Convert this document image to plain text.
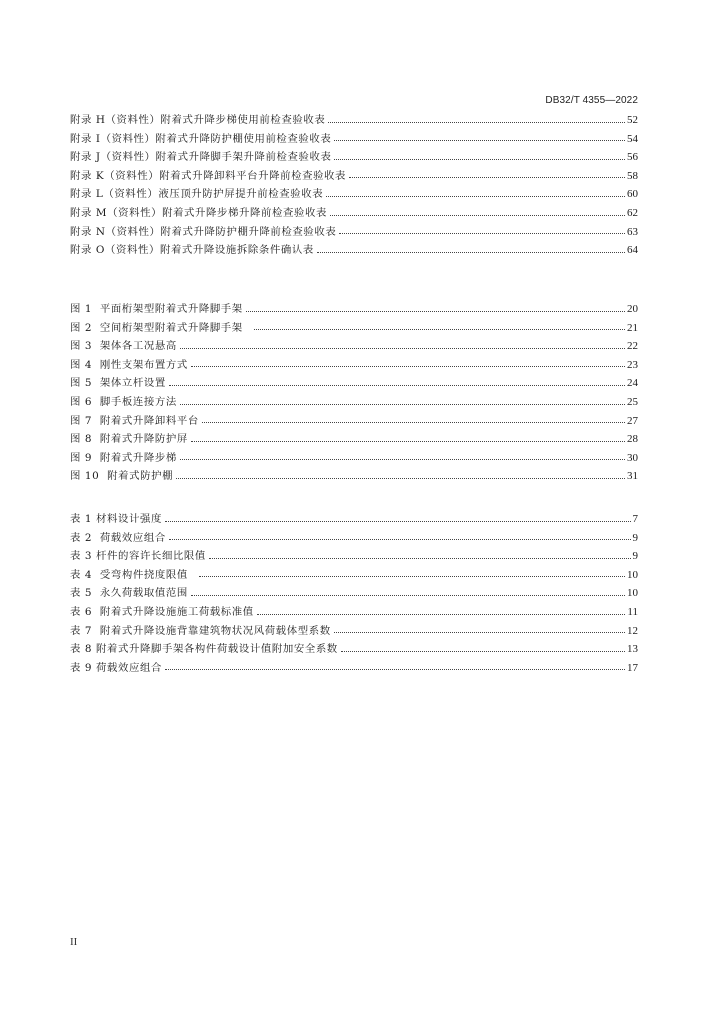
DB32/T 4355—2022
附录 H（资料性）附着式升降步梯使用前检查验收表	52
附录 I（资料性）附着式升降防护棚使用前检查验收表	54
附录 J（资料性）附着式升降脚手架升降前检查验收表	56
附录 K（资料性）附着式升降卸料平台升降前检查验收表	58
附录 L（资料性）液压顶升防护屏提升前检查验收表	60
附录 M（资料性）附着式升降步梯升降前检查验收表	62
附录 N（资料性）附着式升降防护棚升降前检查验收表	63
附录 O（资料性）附着式升降设施拆除条件确认表	64
图 1  平面桁架型附着式升降脚手架	20
图 2  空间桁架型附着式升降脚手架	21
图 3  架体各工况悬高	22
图 4  刚性支架布置方式	23
图 5  架体立杆设置	24
图 6  脚手板连接方法	25
图 7  附着式升降卸料平台	27
图 8  附着式升降防护屏	28
图 9  附着式升降步梯	30
图 10  附着式防护棚	31
表 1 材料设计强度	7
表 2  荷载效应组合	9
表 3 杆件的容许长细比限值	9
表 4  受弯构件挠度限值	10
表 5  永久荷载取值范围	10
表 6  附着式升降设施施工荷载标准值	11
表 7  附着式升降设施背靠建筑物状况风荷载体型系数	12
表 8 附着式升降脚手架各构件荷载设计值附加安全系数	13
表 9 荷载效应组合	17
II
